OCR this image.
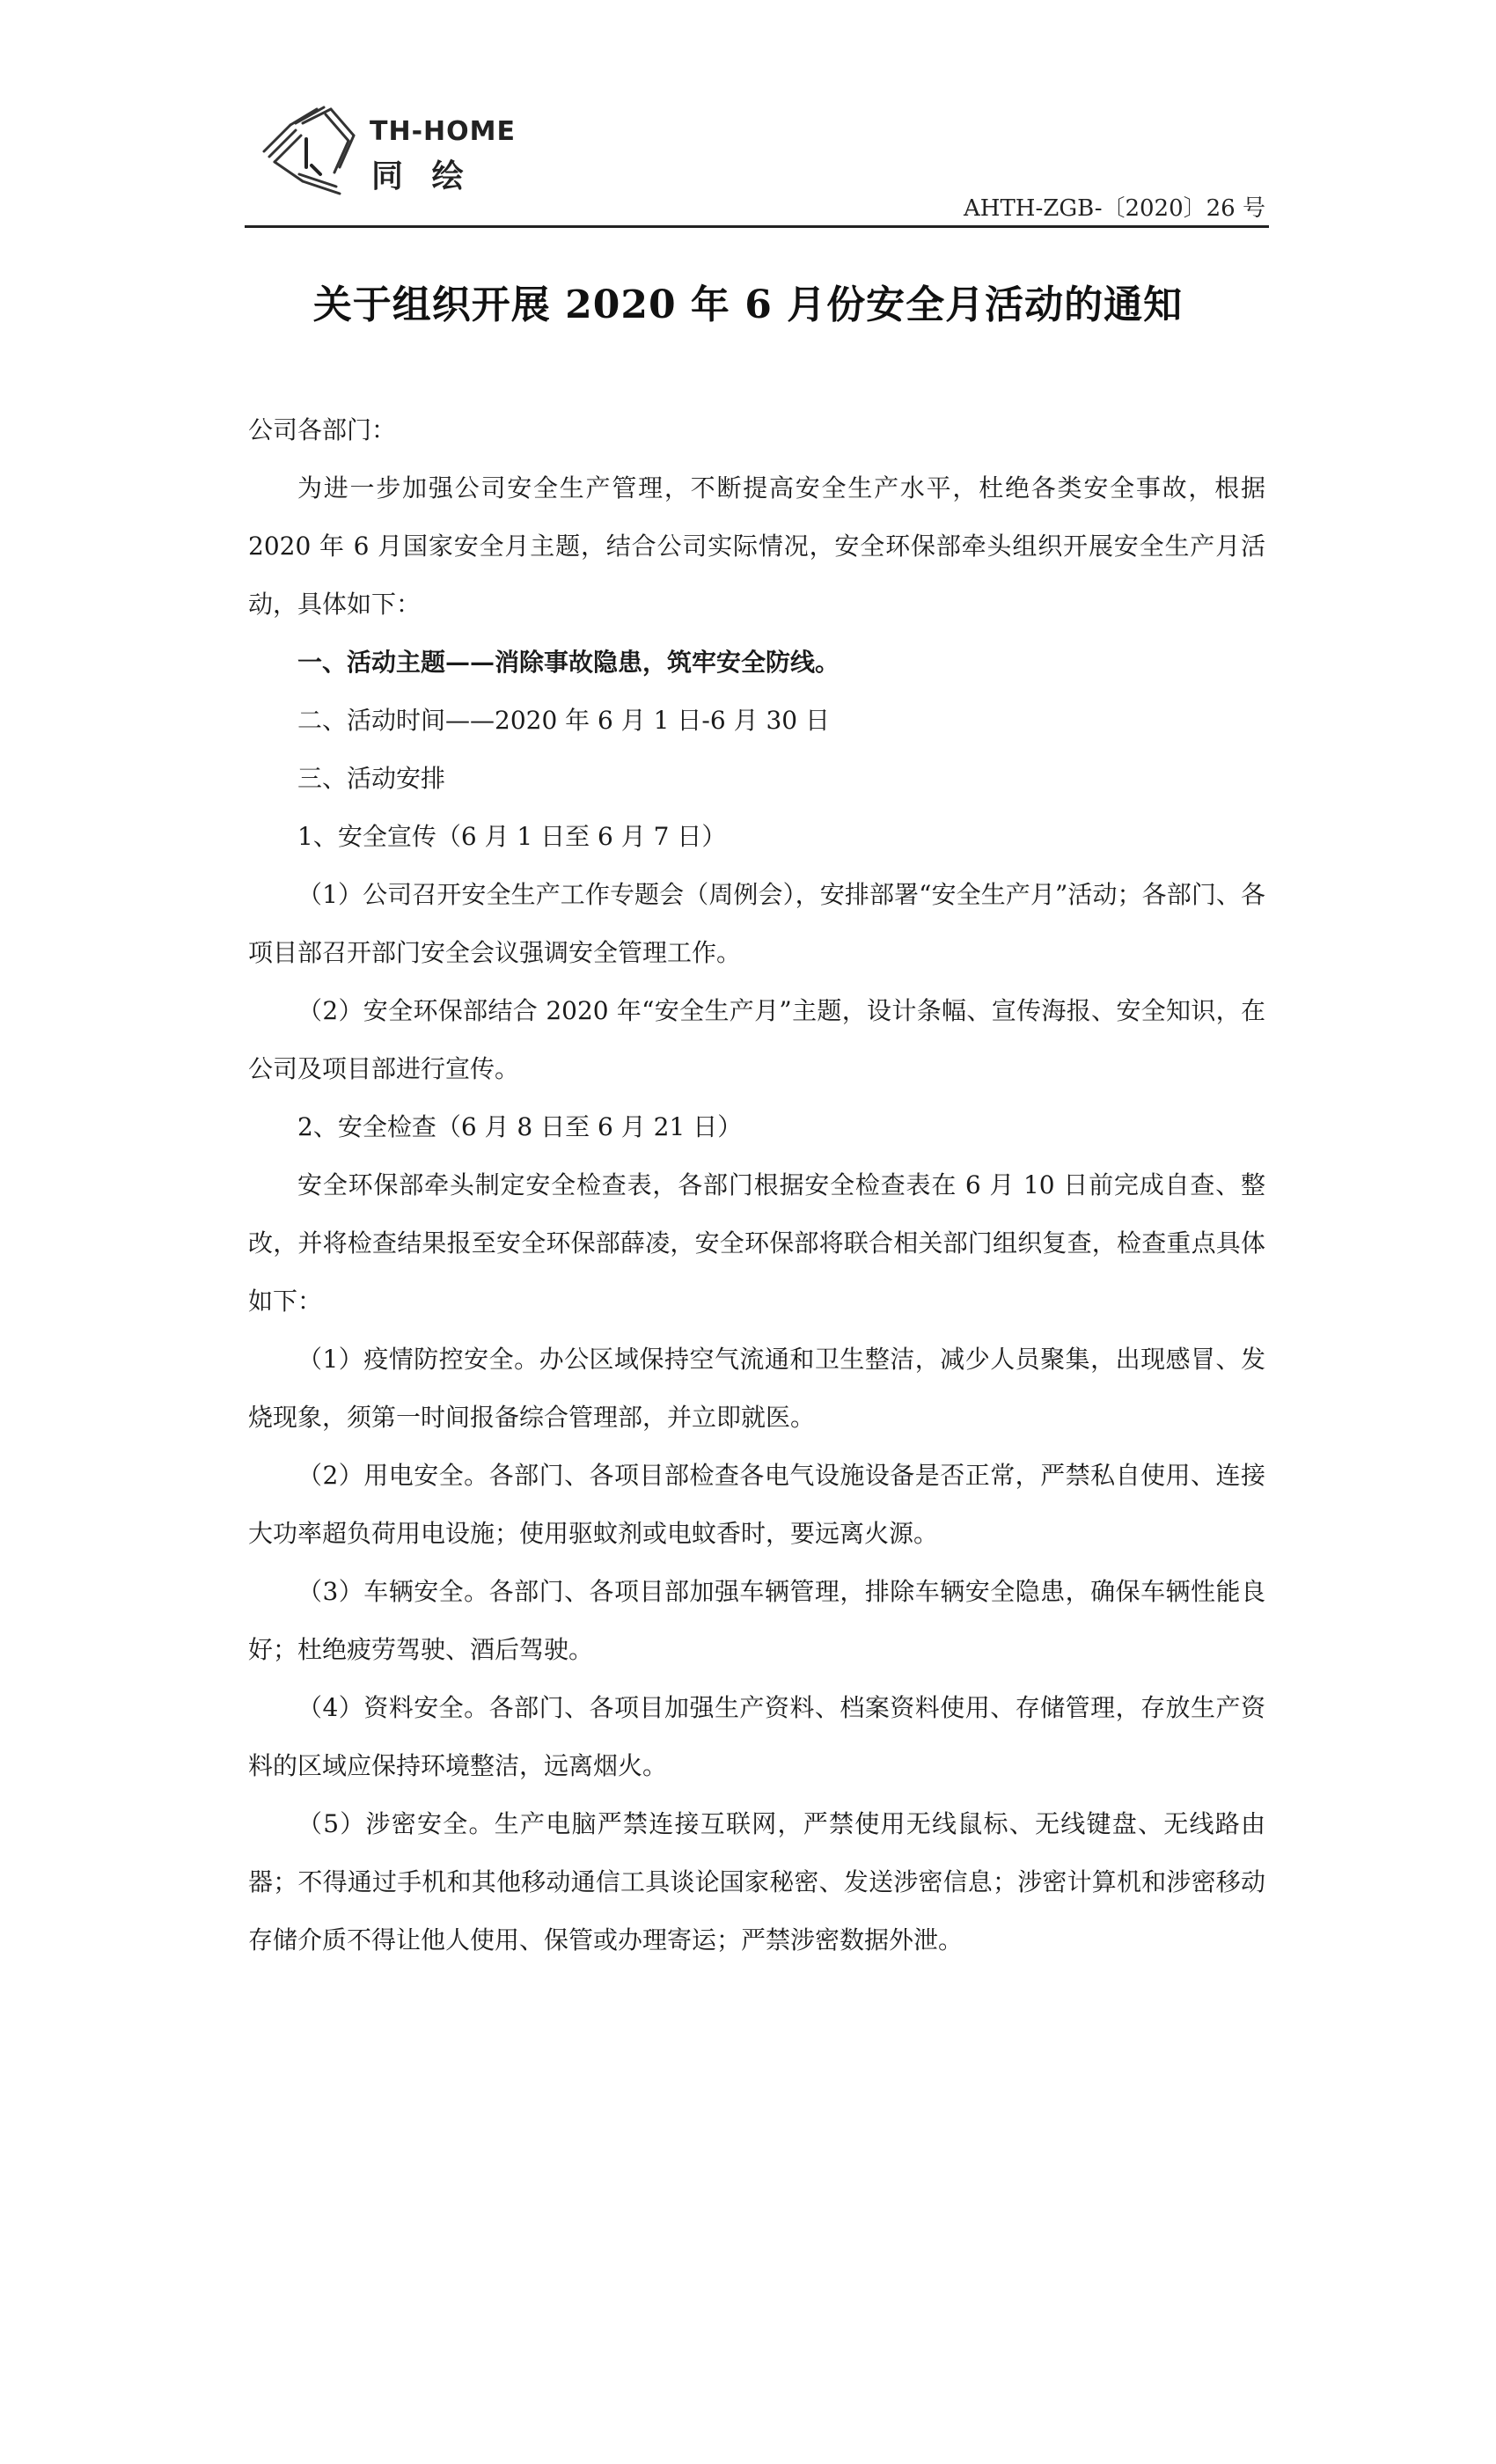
TH-HOME
同 绘
AHTH-ZGB-〔2020〕26 号
关于组织开展 2020 年 6 月份安全月活动的通知

公司各部门：

为进一步加强公司安全生产管理，不断提高安全生产水平，杜绝各类安全事故，根据 2020 年 6 月国家安全月主题，结合公司实际情况，安全环保部牵头组织开展安全生产月活动，具体如下：

一、活动主题——消除事故隐患，筑牢安全防线。

二、活动时间——2020 年 6 月 1 日-6 月 30 日

三、活动安排

1、安全宣传（6 月 1 日至 6 月 7 日）

（1）公司召开安全生产工作专题会（周例会），安排部署“安全生产月”活动；各部门、各项目部召开部门安全会议强调安全管理工作。

（2）安全环保部结合 2020 年“安全生产月”主题，设计条幅、宣传海报、安全知识，在公司及项目部进行宣传。

2、安全检查（6 月 8 日至 6 月 21 日）

安全环保部牵头制定安全检查表，各部门根据安全检查表在 6 月 10 日前完成自查、整改，并将检查结果报至安全环保部薛凌，安全环保部将联合相关部门组织复查，检查重点具体如下：

（1）疫情防控安全。办公区域保持空气流通和卫生整洁，减少人员聚集，出现感冒、发烧现象，须第一时间报备综合管理部，并立即就医。

（2）用电安全。各部门、各项目部检查各电气设施设备是否正常，严禁私自使用、连接大功率超负荷用电设施；使用驱蚊剂或电蚊香时，要远离火源。

（3）车辆安全。各部门、各项目部加强车辆管理，排除车辆安全隐患，确保车辆性能良好；杜绝疲劳驾驶、酒后驾驶。

（4）资料安全。各部门、各项目加强生产资料、档案资料使用、存储管理，存放生产资料的区域应保持环境整洁，远离烟火。

（5）涉密安全。生产电脑严禁连接互联网，严禁使用无线鼠标、无线键盘、无线路由器；不得通过手机和其他移动通信工具谈论国家秘密、发送涉密信息；涉密计算机和涉密移动存储介质不得让他人使用、保管或办理寄运；严禁涉密数据外泄。
